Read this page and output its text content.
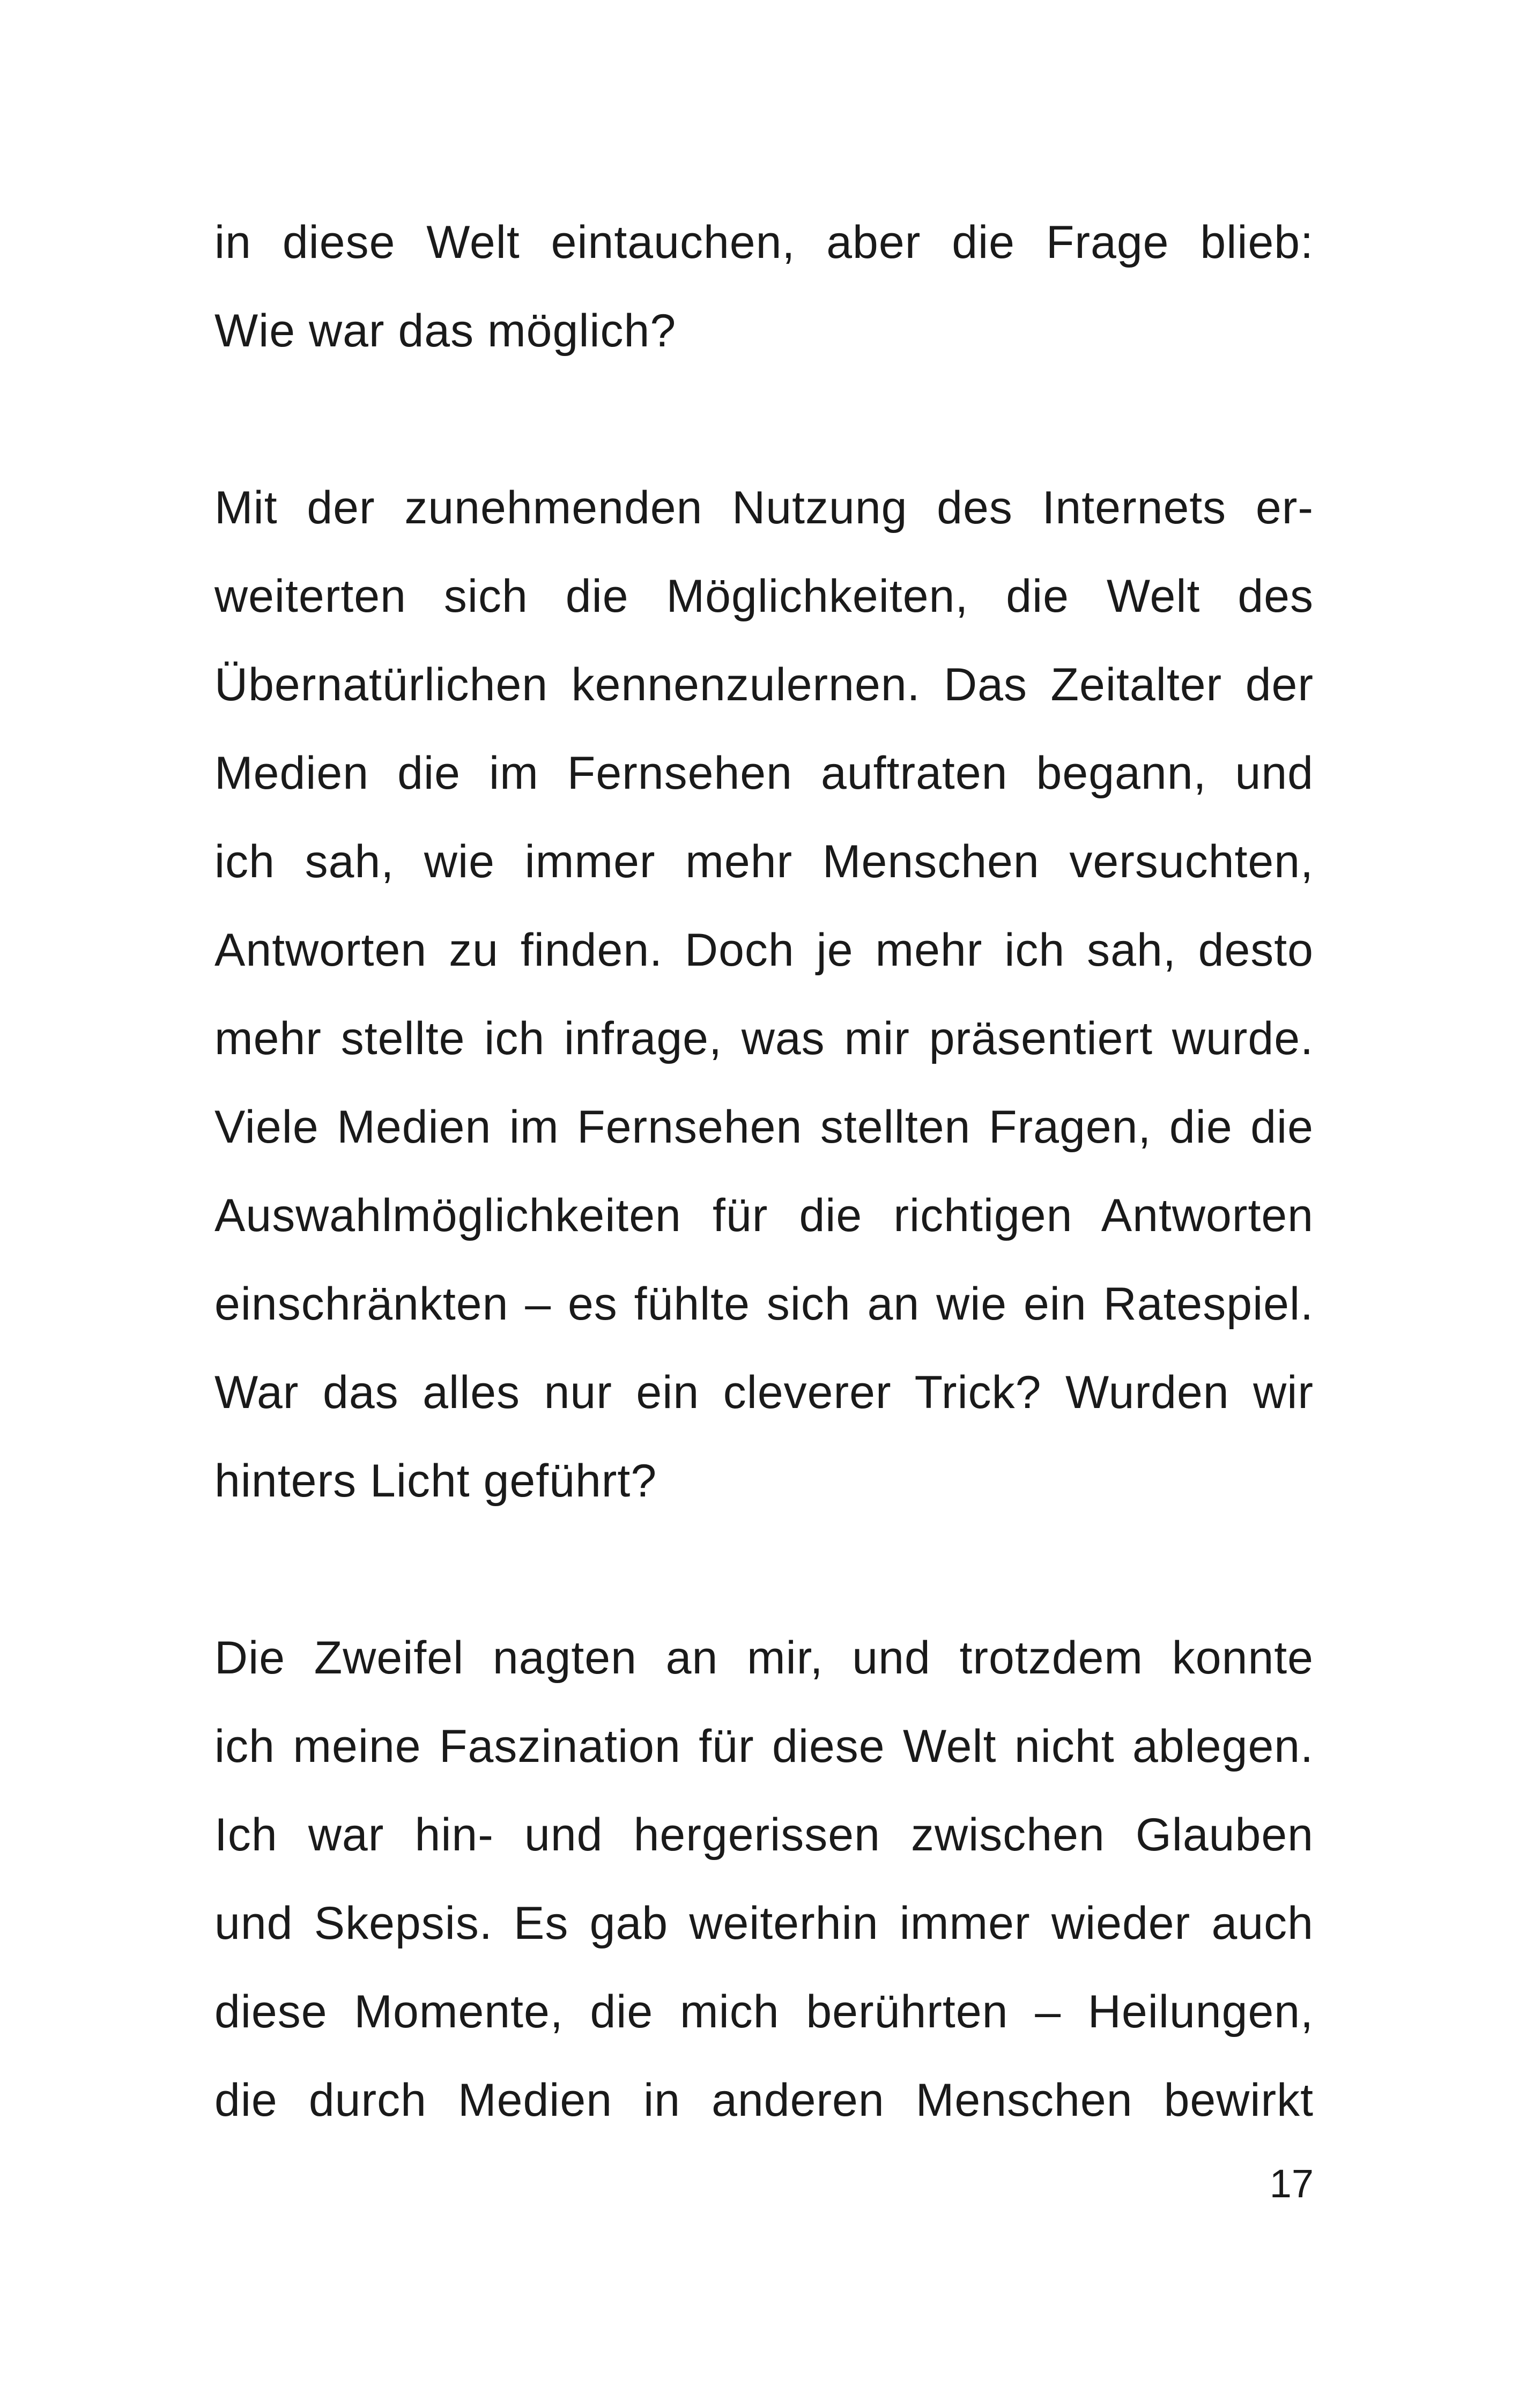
in diese Welt eintauchen, aber die Frage blieb:
Wie war das möglich?
Mit der zunehmenden Nutzung des Internets er-
weiterten sich die Möglichkeiten, die Welt des
Übernatürlichen kennenzulernen. Das Zeitalter der
Medien die im Fernsehen auftraten begann, und
ich sah, wie immer mehr Menschen versuchten,
Antworten zu finden. Doch je mehr ich sah, desto
mehr stellte ich infrage, was mir präsentiert wurde.
Viele Medien im Fernsehen stellten Fragen, die die
Auswahlmöglichkeiten für die richtigen Antworten
einschränkten – es fühlte sich an wie ein Ratespiel.
War das alles nur ein cleverer Trick? Wurden wir
hinters Licht geführt?
Die Zweifel nagten an mir, und trotzdem konnte
ich meine Faszination für diese Welt nicht ablegen.
Ich war hin- und hergerissen zwischen Glauben
und Skepsis. Es gab weiterhin immer wieder auch
diese Momente, die mich berührten – Heilungen,
die durch Medien in anderen Menschen bewirkt
17
